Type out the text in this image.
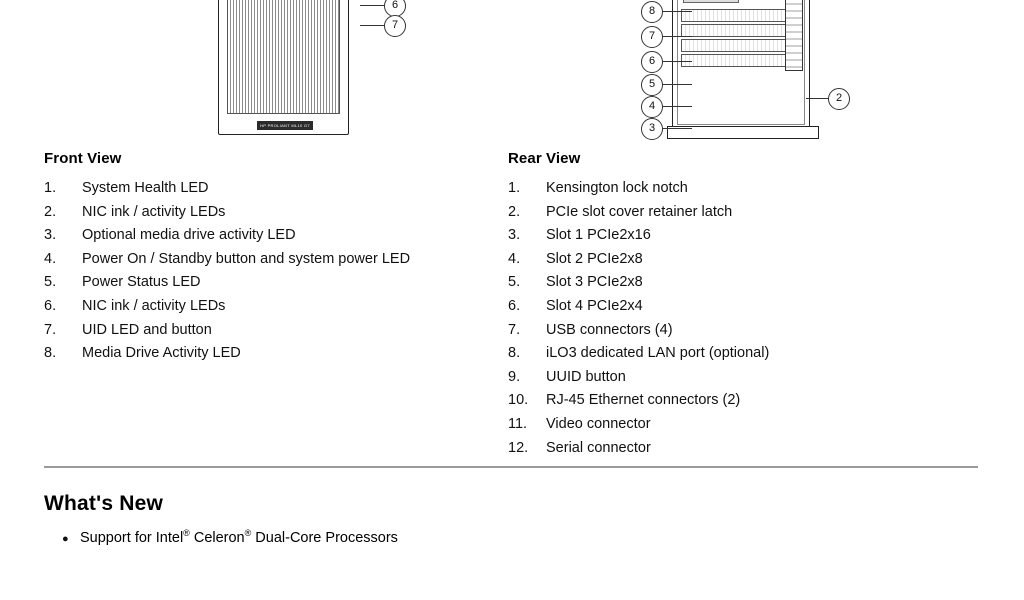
HP PROLIANT ML10 G7
6
7
8
7
6
5
4
3
2
Front View
1.	System Health LED
2.	NIC ink / activity LEDs
3.	Optional media drive activity LED
4.	Power On / Standby button and system power LED
5.	Power Status LED
6.	NIC ink / activity LEDs
7.	UID LED and button
8.	Media Drive Activity LED
Rear View
1.	Kensington lock notch
2.	PCIe slot cover retainer latch
3.	Slot 1 PCIe2x16
4.	Slot 2 PCIe2x8
5.	Slot 3 PCIe2x8
6.	Slot 4 PCIe2x4
7.	USB connectors (4)
8.	iLO3 dedicated LAN port (optional)
9.	UUID button
10.	RJ-45 Ethernet connectors (2)
11.	Video connector
12.	Serial connector
What's New
● Support for Intel® Celeron® Dual-Core Processors
